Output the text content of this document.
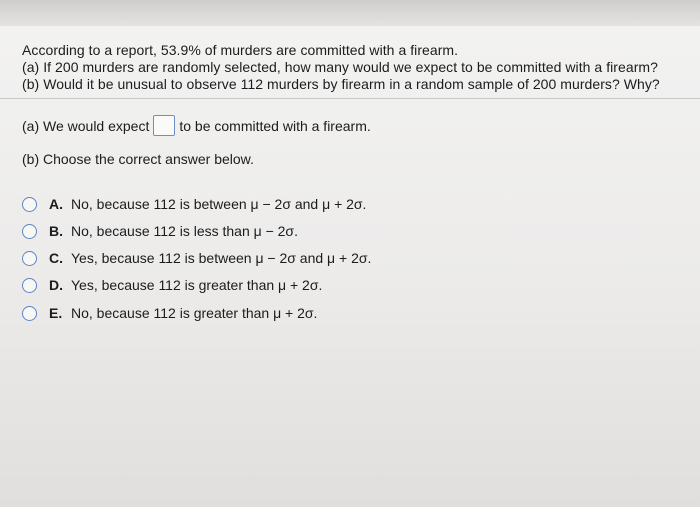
According to a report, 53.9% of murders are committed with a firearm.
(a) If 200 murders are randomly selected, how many would we expect to be committed with a firearm?
(b) Would it be unusual to observe 112 murders by firearm in a random sample of 200 murders? Why?
(a) We would expect to be committed with a firearm.
(b) Choose the correct answer below.
A. No, because 112 is between μ − 2σ and μ + 2σ.
B. No, because 112 is less than μ − 2σ.
C. Yes, because 112 is between μ − 2σ and μ + 2σ.
D. Yes, because 112 is greater than μ + 2σ.
E. No, because 112 is greater than μ + 2σ.
